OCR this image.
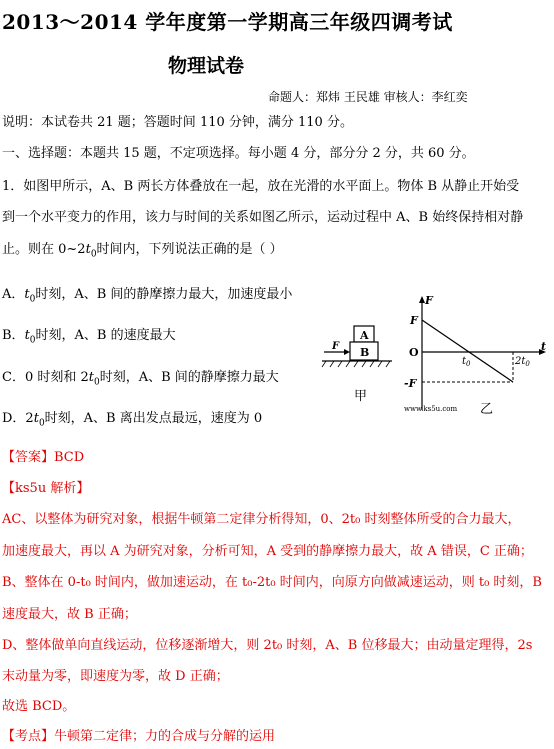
2013～2014 学年度第一学期高三年级四调考试
物理试卷
命题人：郑炜 王民雄 审核人：李红奕
说明：本试卷共 21 题；答题时间 110 分钟，满分 110 分。
一、选择题：本题共 15 题，不定项选择。每小题 4 分，部分分 2 分，共 60 分。
1．如图甲所示，A、B 两长方体叠放在一起，放在光滑的水平面上。物体 B 从静止开始受
到一个水平变力的作用，该力与时间的关系如图乙所示，运动过程中 A、B 始终保持相对静
止。则在 $0\sim 2t_0$时间内，下列说法正确的是（ ）
A．$t_0$时刻，A、B 间的静摩擦力最大，加速度最小
B．$t_0$时刻，A、B 的速度最大
C．0 时刻和 $2t_0$时刻，A、B 间的静摩擦力最大
D．$2t_0$时刻，A、B 离出发点最远，速度为 0
A
B
F
甲
F
t
F
O
-F
$t_0$	$2t_0$
www.ks5u.com 乙
【答案】BCD
【ks5u 解析】
AC、以整体为研究对象，根据牛顿第二定律分析得知，0、2t₀ 时刻整体所受的合力最大，
加速度最大，再以 A 为研究对象，分析可知，A 受到的静摩擦力最大，故 A 错误，C 正确；
B、整体在 0-t₀ 时间内，做加速运动，在 t₀-2t₀ 时间内，向原方向做减速运动，则 t₀ 时刻，B
速度最大，故 B 正确；
D、整体做单向直线运动，位移逐渐增大，则 2t₀ 时刻，A、B 位移最大；由动量定理得，2s
末动量为零，即速度为零，故 D 正确；
故选 BCD。
【考点】牛顿第二定律；力的合成与分解的运用
